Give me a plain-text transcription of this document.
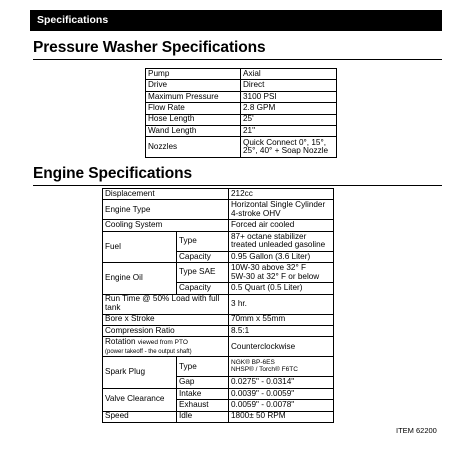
Specifications
Pressure Washer Specifications
Pump	Axial
Drive	Direct
Maximum Pressure	3100 PSI
Flow Rate	2.8 GPM
Hose Length	25'
Wand Length	21"
Nozzles	Quick Connect 0°, 15°, 25°, 40° + Soap Nozzle
Engine Specifications
Displacement		212cc
Engine Type		Horizontal Single Cylinder 4-stroke OHV
Cooling System		Forced air cooled
Fuel	Type	87+ octane stabilizer treated unleaded gasoline
	Capacity	0.95 Gallon (3.6 Liter)
Engine Oil	Type SAE	10W-30 above 32° F
5W-30 at 32° F or below
	Capacity	0.5 Quart (0.5 Liter)
Run Time @ 50% Load with full tank		3 hr.
Bore x Stroke		70mm x 55mm
Compression Ratio		8.5:1
Rotation viewed from PTO
(power takeoff - the output shaft)		Counterclockwise
Spark Plug	Type	NGK® BP-6ES
NHSP® / Torch® F6TC
	Gap	0.0275" - 0.0314"
Valve Clearance	Intake	0.0039" - 0.0059"
	Exhaust	0.0059" - 0.0078"
Speed	Idle	1800± 50 RPM
ITEM 62200
